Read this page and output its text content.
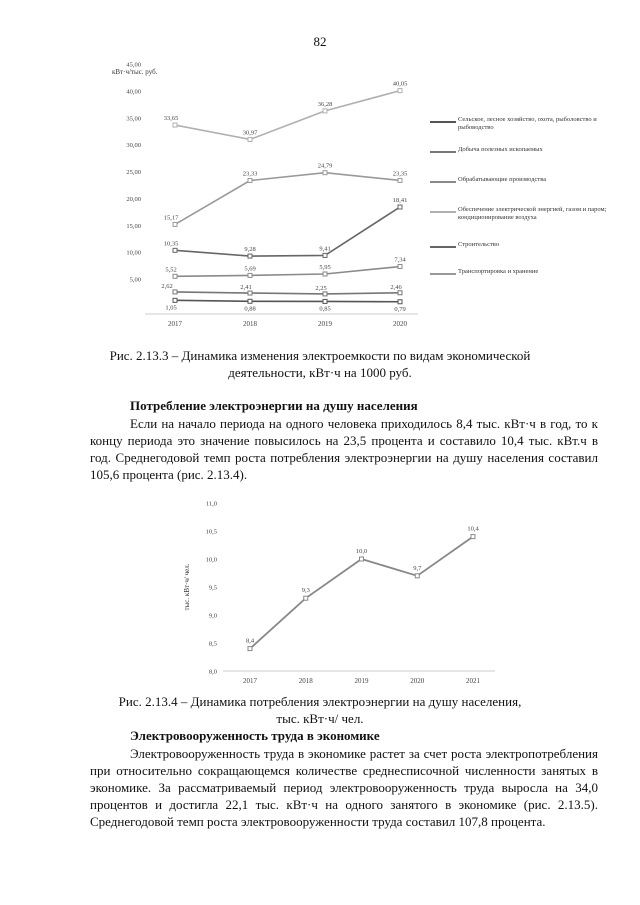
82
кВт·ч/тыс. руб.
45,00
40,00
35,00
30,00
25,00
20,00
15,00
10,00
5,00
2017	2018	2019	2020
1,05	0,88	0,85	0,79
2,62	2,41	2,25	2,46
5,52	5,69	5,95
7,34
33,65
30,97
36,28
40,05
10,35
9,28	9,41
18,41
15,17
23,33
24,79
23,35
Сельское, лесное хозяйство, охота, рыболовство и рыбоводство
Добыча полезных ископаемых
Обрабатывающие производства
Обеспечение электрической энергией, газом и паром; кондиционирование воздуха
Строительство
Транспортировка и хранение
Рис. 2.13.3 – Динамика изменения электроемкости по видам экономической деятельности, кВт·ч на 1000 руб.
Потребление электроэнергии на душу населения
Если на начало периода на одного человека приходилось 8,4 тыс. кВт·ч в год, то к концу периода это значение повысилось на 23,5 процента и составило 10,4 тыс. кВт.ч в год. Среднегодовой темп роста потребления электроэнергии на душу населения составил 105,6 процента (рис. 2.13.4).
тыс. кВт·ч/ чел.
11,0
10,5
10,0
9,5
9,0
8,5
8,0
2017	2018	2019	2020	2021
8,4
9,3
10,0
9,7
10,4
Рис. 2.13.4 – Динамика потребления электроэнергии на душу населения,
тыс. кВт·ч/ чел.
Электровооруженность труда в экономике
Электровооруженность труда в экономике растет за счет роста электропотребления при относительно сокращающемся количестве среднесписочной численности занятых в экономике. За рассматриваемый период электровооруженность труда выросла на 34,0 процентов и достигла 22,1 тыс. кВт·ч на одного занятого в экономике (рис. 2.13.5). Среднегодовой темп роста электровооруженности труда составил 107,8 процента.
